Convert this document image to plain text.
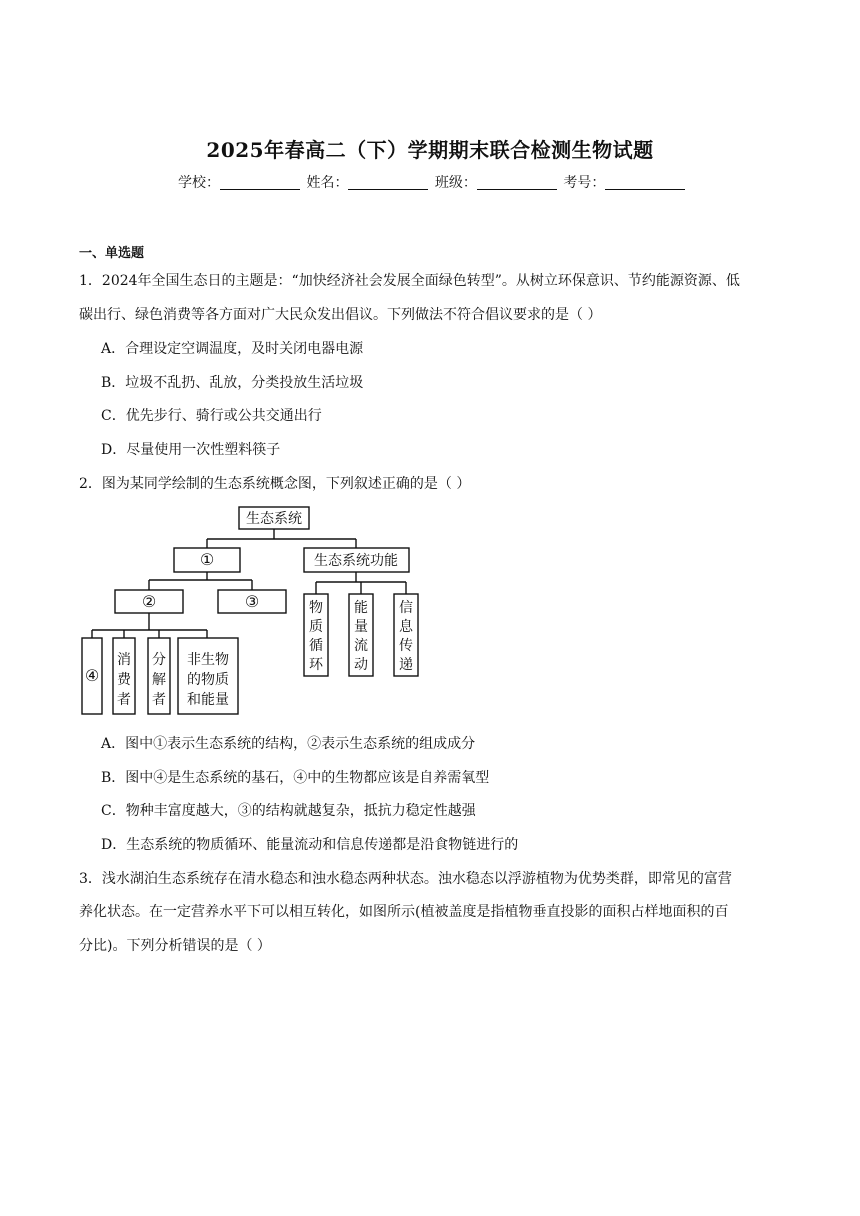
2025年春高二（下）学期期末联合检测生物试题
学校：	姓名：	班级：	考号：
一、单选题
1．2024年全国生态日的主题是：“加快经济社会发展全面绿色转型”。从树立环保意识、节约能源资源、低
碳出行、绿色消费等各方面对广大民众发出倡议。下列做法不符合倡议要求的是（ ）
A．合理设定空调温度，及时关闭电器电源
B．垃圾不乱扔、乱放，分类投放生活垃圾
C．优先步行、骑行或公共交通出行
D．尽量使用一次性塑料筷子
2．图为某同学绘制的生态系统概念图，下列叙述正确的是（ ）
生态系统
①	生态系统功能
②	③
④
消
费
者
分
解
者
非生物
的物质
和能量
物
质
循
环
能
量
流
动
信
息
传
递
A．图中①表示生态系统的结构，②表示生态系统的组成成分
B．图中④是生态系统的基石，④中的生物都应该是自养需氧型
C．物种丰富度越大，③的结构就越复杂，抵抗力稳定性越强
D．生态系统的物质循环、能量流动和信息传递都是沿食物链进行的
3．浅水湖泊生态系统存在清水稳态和浊水稳态两种状态。浊水稳态以浮游植物为优势类群，即常见的富营
养化状态。在一定营养水平下可以相互转化，如图所示(植被盖度是指植物垂直投影的面积占样地面积的百
分比)。下列分析错误的是（ ）
